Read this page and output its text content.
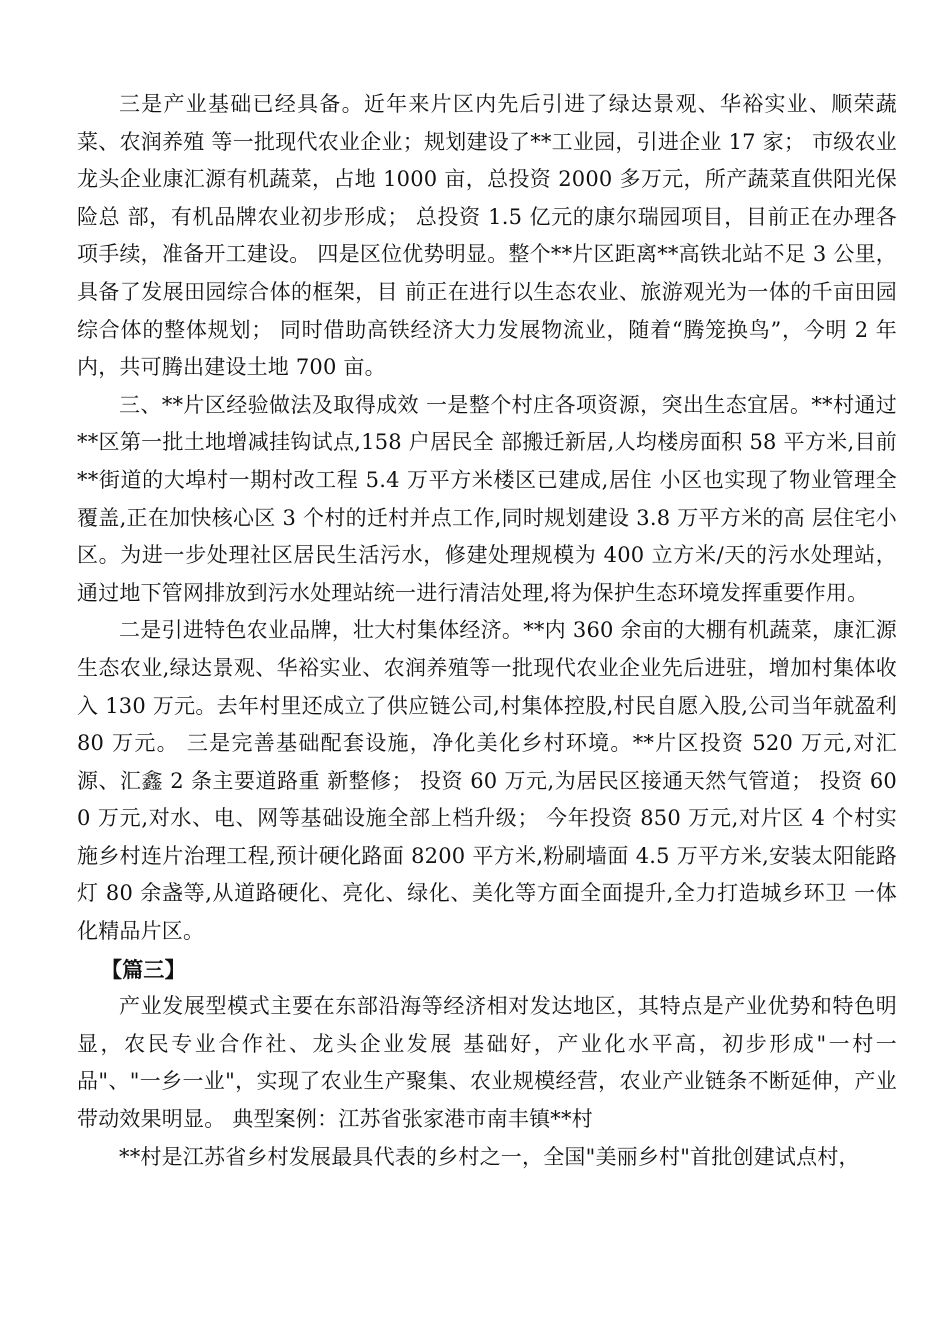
三是产业基础已经具备。近年来片区内先后引进了绿达景观、华裕实业、顺荣蔬菜、农润养殖 等一批现代农业企业；规划建设了**工业园，引进企业 17 家； 市级农业龙头企业康汇源有机蔬菜，占地 1000 亩，总投资 2000 多万元，所产蔬菜直供阳光保险总 部，有机品牌农业初步形成； 总投资 1.5 亿元的康尔瑞园项目，目前正在办理各项手续，准备开工建设。 四是区位优势明显。整个**片区距离**高铁北站不足 3 公里，具备了发展田园综合体的框架，目 前正在进行以生态农业、旅游观光为一体的千亩田园综合体的整体规划； 同时借助高铁经济大力发展物流业，随着“腾笼换鸟”，今明 2 年内，共可腾出建设土地 700 亩。

三、**片区经验做法及取得成效 一是整个村庄各项资源，突出生态宜居。**村通过**区第一批土地增减挂钩试点,158 户居民全 部搬迁新居,人均楼房面积 58 平方米,目前**街道的大埠村一期村改工程 5.4 万平方米楼区已建成,居住 小区也实现了物业管理全覆盖,正在加快核心区 3 个村的迁村并点工作,同时规划建设 3.8 万平方米的高 层住宅小区。为进一步处理社区居民生活污水，修建处理规模为 400 立方米/天的污水处理站，通过地下管网排放到污水处理站统一进行清洁处理,将为保护生态环境发挥重要作用。

二是引进特色农业品牌，壮大村集体经济。**内 360 余亩的大棚有机蔬菜，康汇源生态农业,绿达景观、华裕实业、农润养殖等一批现代农业企业先后进驻，增加村集体收入 130 万元。去年村里还成立了供应链公司,村集体控股,村民自愿入股,公司当年就盈利 80 万元。 三是完善基础配套设施，净化美化乡村环境。**片区投资 520 万元,对汇源、汇鑫 2 条主要道路重 新整修； 投资 60 万元,为居民区接通天然气管道； 投资 600 万元,对水、电、网等基础设施全部上档升级； 今年投资 850 万元,对片区 4 个村实施乡村连片治理工程,预计硬化路面 8200 平方米,粉刷墙面 4.5 万平方米,安装太阳能路灯 80 余盏等,从道路硬化、亮化、绿化、美化等方面全面提升,全力打造城乡环卫 一体化精品片区。

【篇三】

产业发展型模式主要在东部沿海等经济相对发达地区，其特点是产业优势和特色明显，农民专业合作社、龙头企业发展 基础好，产业化水平高，初步形成"一村一品"、"一乡一业"，实现了农业生产聚集、农业规模经营，农业产业链条不断延伸，产业带动效果明显。 典型案例：江苏省张家港市南丰镇**村

**村是江苏省乡村发展最具代表的乡村之一，全国"美丽乡村"首批创建试点村，
